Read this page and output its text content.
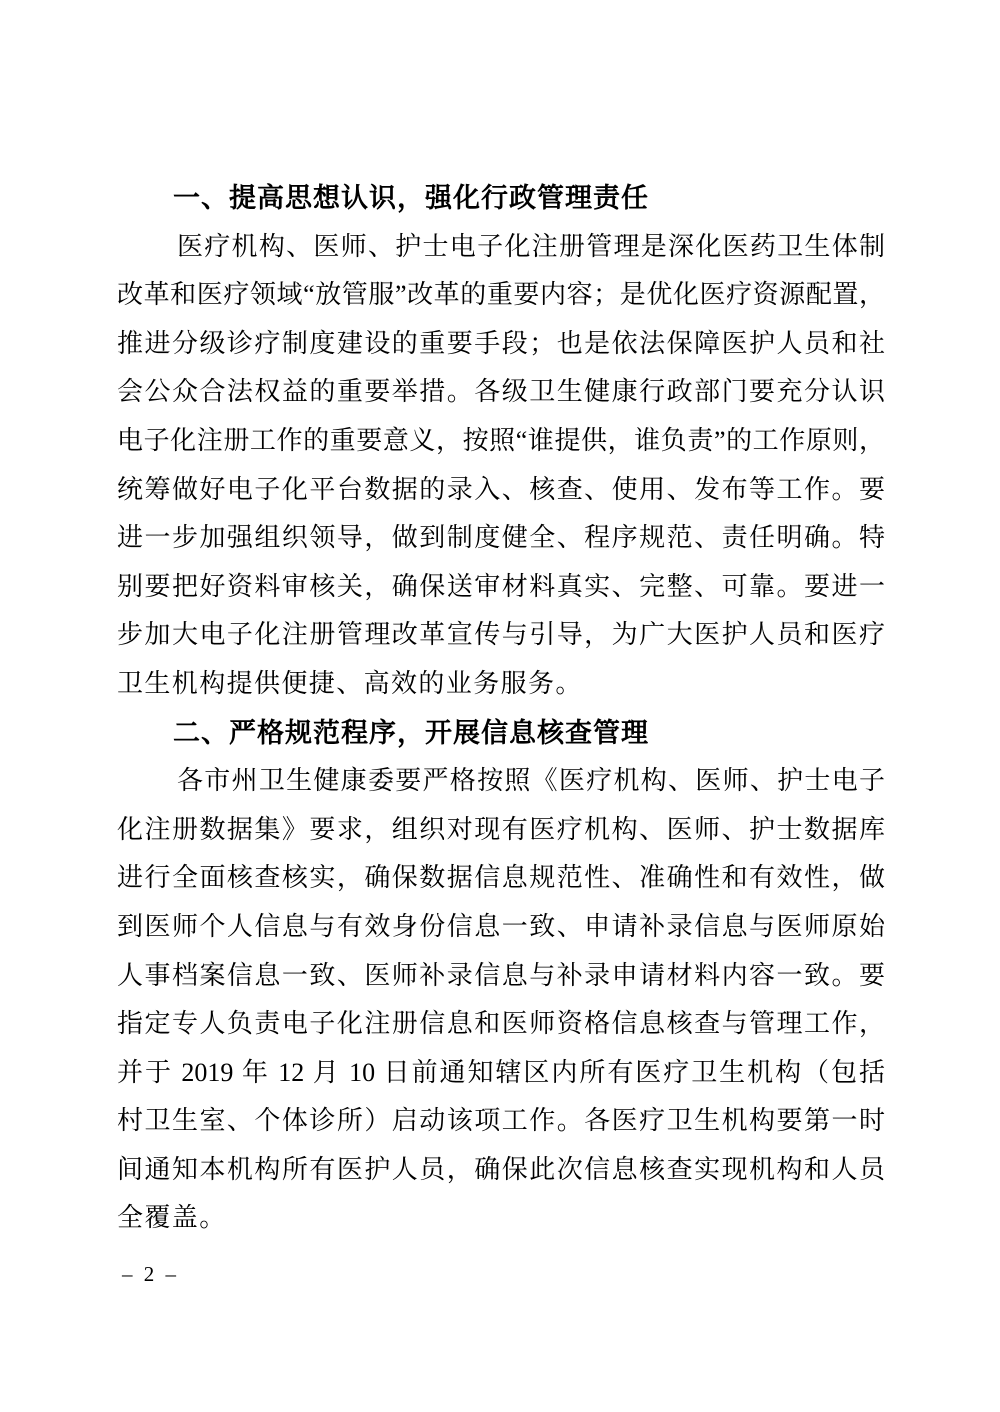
一、提高思想认识，强化行政管理责任
医疗机构、医师、护士电子化注册管理是深化医药卫生体制
改革和医疗领域“放管服”改革的重要内容；是优化医疗资源配置，
推进分级诊疗制度建设的重要手段；也是依法保障医护人员和社
会公众合法权益的重要举措。各级卫生健康行政部门要充分认识
电子化注册工作的重要意义，按照“谁提供，谁负责”的工作原则，
统筹做好电子化平台数据的录入、核查、使用、发布等工作。要
进一步加强组织领导，做到制度健全、程序规范、责任明确。特
别要把好资料审核关，确保送审材料真实、完整、可靠。要进一
步加大电子化注册管理改革宣传与引导，为广大医护人员和医疗
卫生机构提供便捷、高效的业务服务。
二、严格规范程序，开展信息核查管理
各市州卫生健康委要严格按照《医疗机构、医师、护士电子
化注册数据集》要求，组织对现有医疗机构、医师、护士数据库
进行全面核查核实，确保数据信息规范性、准确性和有效性，做
到医师个人信息与有效身份信息一致、申请补录信息与医师原始
人事档案信息一致、医师补录信息与补录申请材料内容一致。要
指定专人负责电子化注册信息和医师资格信息核查与管理工作，
并于 2019 年 12 月 10 日前通知辖区内所有医疗卫生机构（包括
村卫生室、个体诊所）启动该项工作。各医疗卫生机构要第一时
间通知本机构所有医护人员，确保此次信息核查实现机构和人员
全覆盖。
– 2 –
